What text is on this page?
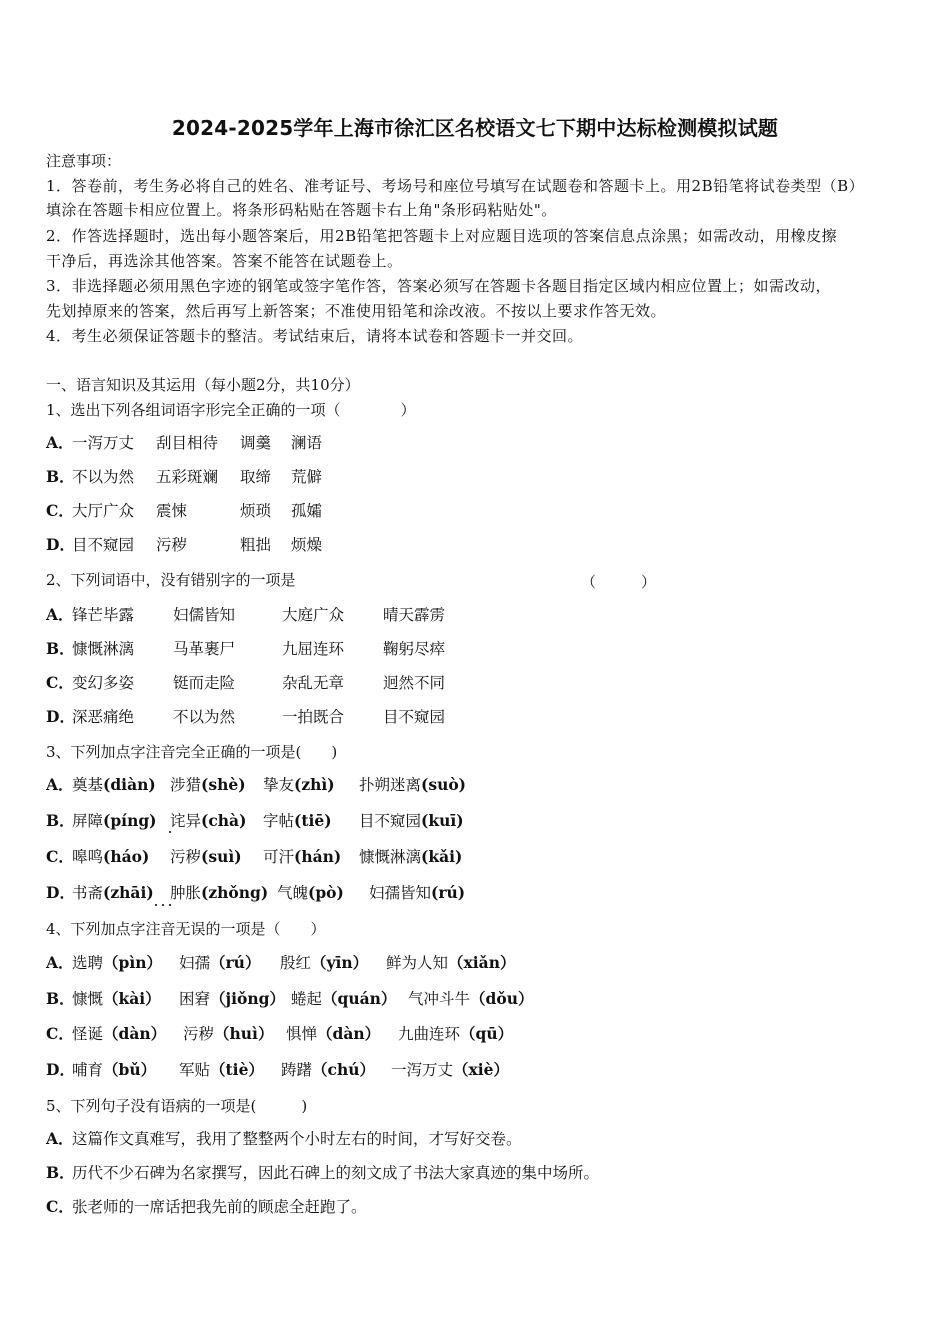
2024-2025学年上海市徐汇区名校语文七下期中达标检测模拟试题
注意事项：
1．答卷前，考生务必将自己的姓名、准考证号、考场号和座位号填写在试题卷和答题卡上。用2B铅笔将试卷类型（B）
填涂在答题卡相应位置上。将条形码粘贴在答题卡右上角"条形码粘贴处"。
2．作答选择题时，选出每小题答案后，用2B铅笔把答题卡上对应题目选项的答案信息点涂黑；如需改动，用橡皮擦
干净后，再选涂其他答案。答案不能答在试题卷上。
3．非选择题必须用黑色字迹的钢笔或签字笔作答，答案必须写在答题卡各题目指定区域内相应位置上；如需改动，
先划掉原来的答案，然后再写上新答案；不准使用铅笔和涂改液。不按以上要求作答无效。
4．考生必须保证答题卡的整洁。考试结束后，请将本试卷和答题卡一并交回。
一、语言知识及其运用（每小题2分，共10分）
1、选出下列各组词语字形完全正确的一项（　　　　）
A．一泻万丈 刮目相待 调羹 澜语
B．不以为然 五彩斑斓 取缔 荒僻
C．大厅广众 震悚	烦琐 孤孀
D．目不窥园 污秽	粗拙 烦燥
2、下列词语中，没有错别字的一项是	（　　　）
A．锋芒毕露	妇儒皆知	大庭广众	晴天霹雳
B．慷慨淋漓	马革裹尸	九屈连环	鞠躬尽瘁
C．变幻多姿	铤而走险	杂乱无章	迥然不同
D．深恶痛绝	不以为然	一拍既合	目不窥园
3、下列加点字注音完全正确的一项是(　　)
A．奠基(diàn) 涉猎(shè) 挚友(zhì) 扑朔迷离(suò)
B．屏障(píng) 诧异(chà) 字帖(tiē) 目不窥园(kuī)
C．嗥鸣(háo) 污秽(suì) 可汗(hán) 慷慨淋漓(kǎi)
D．书斋(zhāi) 肿胀(zhǒng) 气魄(pò) 妇孺皆知(rú)
4、下列加点字注音无误的一项是（　　）
A．选聘（pìn） 妇孺（rú） 殷红（yīn） 鲜为人知（xiǎn）
B．慷慨（kài） 困窘（jiǒng） 蜷起（quán） 气冲斗牛（dǒu）
C．怪诞（dàn） 污秽（huì） 惧惮（dàn） 九曲连环（qū）
D．哺育（bǔ） 军贴（tiè） 踌躇（chú） 一泻万丈（xiè）
5、下列句子没有语病的一项是(　　　)
A．这篇作文真难写，我用了整整两个小时左右的时间，才写好交卷。
B．历代不少石碑为名家撰写，因此石碑上的刻文成了书法大家真迹的集中场所。
C．张老师的一席话把我先前的顾虑全赶跑了。
